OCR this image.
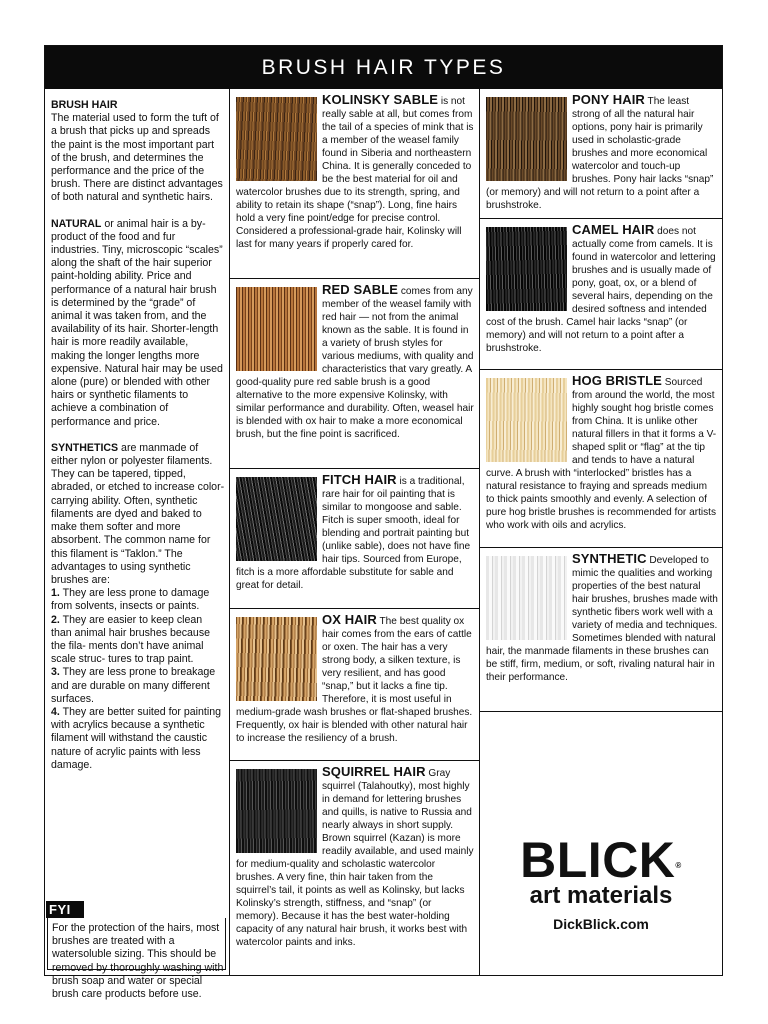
BRUSH HAIR TYPES

BRUSH HAIR

The material used to form the tuft of a brush that picks up and spreads the paint is the most important part of the brush, and determines the performance and the price of the brush. There are distinct advantages of both natural and synthetic hairs.

NATURAL or animal hair is a by-product of the food and fur industries. Tiny, microscopic “scales” along the shaft of the hair superior paint-holding ability. Price and performance of a natural hair brush is determined by the “grade” of animal it was taken from, and the availability of its hair. Shorter-length hair is more readily available, making the longer lengths more expensive. Natural hair may be used alone (pure) or blended with other hairs or synthetic filaments to achieve a combination of performance and price.

SYNTHETICS are manmade of either nylon or polyester filaments. They can be tapered, tipped, abraded, or etched to increase color-carrying ability. Often, synthetic filaments are dyed and baked to make them softer and more absorbent. The common name for this filament is “Taklon.” The advantages to using synthetic brushes are:

1. They are less prone to damage from solvents, insects or paints.

2. They are easier to keep clean than animal hair brushes because the fila- ments don’t have animal scale struc- tures to trap paint.

3. They are less prone to breakage and are durable on many different surfaces.

4. They are better suited for painting with acrylics because a synthetic filament will withstand the caustic nature of acrylic paints with less damage.

FYI
For the protection of the hairs, most brushes are treated with a watersoluble sizing. This should be removed by thoroughly washing with brush soap and water or special brush care products before use.
KOLINSKY SABLE is not really sable at all, but comes from the tail of a species of mink that is a member of the weasel family found in Siberia and northeastern China. It is generally conceded to be the best material for oil and watercolor brushes due to its strength, spring, and ability to retain its shape (“snap”). Long, fine hairs hold a very fine point/edge for precise control. Considered a professional-grade hair, Kolinsky will last for many years if properly cared for.
RED SABLE comes from any member of the weasel family with red hair — not from the animal known as the sable. It is found in a variety of brush styles for various mediums, with quality and characteristics that vary greatly. A good-quality pure red sable brush is a good alternative to the more expensive Kolinsky, with similar performance and durability. Often, weasel hair is blended with ox hair to make a more economical brush, but the fine point is sacrificed.
FITCH HAIR is a traditional, rare hair for oil painting that is similar to mongoose and sable. Fitch is super smooth, ideal for blending and portrait painting but (unlike sable), does not have fine hair tips. Sourced from Europe, fitch is a more affordable substitute for sable and great for detail.
OX HAIR The best quality ox hair comes from the ears of cattle or oxen. The hair has a very strong body, a silken texture, is very resilient, and has good “snap,” but it lacks a fine tip. Therefore, it is most useful in medium-grade wash brushes or flat-shaped brushes. Frequently, ox hair is blended with other natural hair to increase the resiliency of a brush.
SQUIRREL HAIR Gray squirrel (Talahoutky), most highly in demand for lettering brushes and quills, is native to Russia and nearly always in short supply. Brown squirrel (Kazan) is more readily available, and used mainly for medium-quality and scholastic watercolor brushes. A very fine, thin hair taken from the squirrel’s tail, it points as well as Kolinsky, but lacks Kolinsky’s strength, stiffness, and “snap” (or memory). Because it has the best water-holding capacity of any natural hair brush, it works best with watercolor paints and inks.
PONY HAIR The least strong of all the natural hair options, pony hair is primarily used in scholastic-grade brushes and more economical watercolor and touch-up brushes. Pony hair lacks “snap” (or memory) and will not return to a point after a brushstroke.
CAMEL HAIR does not actually come from camels. It is found in watercolor and lettering brushes and is usually made of pony, goat, ox, or a blend of several hairs, depending on the desired softness and intended cost of the brush. Camel hair lacks “snap” (or memory) and will not return to a point after a brushstroke.
HOG BRISTLE Sourced from around the world, the most highly sought hog bristle comes from China. It is unlike other natural fillers in that it forms a V-shaped split or “flag” at the tip and tends to have a natural curve. A brush with “interlocked” bristles has a natural resistance to fraying and spreads medium to thick paints smoothly and evenly. A selection of pure hog bristle brushes is recommended for artists who work with oils and acrylics.
SYNTHETIC Developed to mimic the qualities and working properties of the best natural hair brushes, brushes made with synthetic fibers work well with a variety of media and techniques. Sometimes blended with natural hair, the manmade filaments in these brushes can be stiff, firm, medium, or soft, rivaling natural hair in their performance.
BLICK®
art materials
DickBlick.com
